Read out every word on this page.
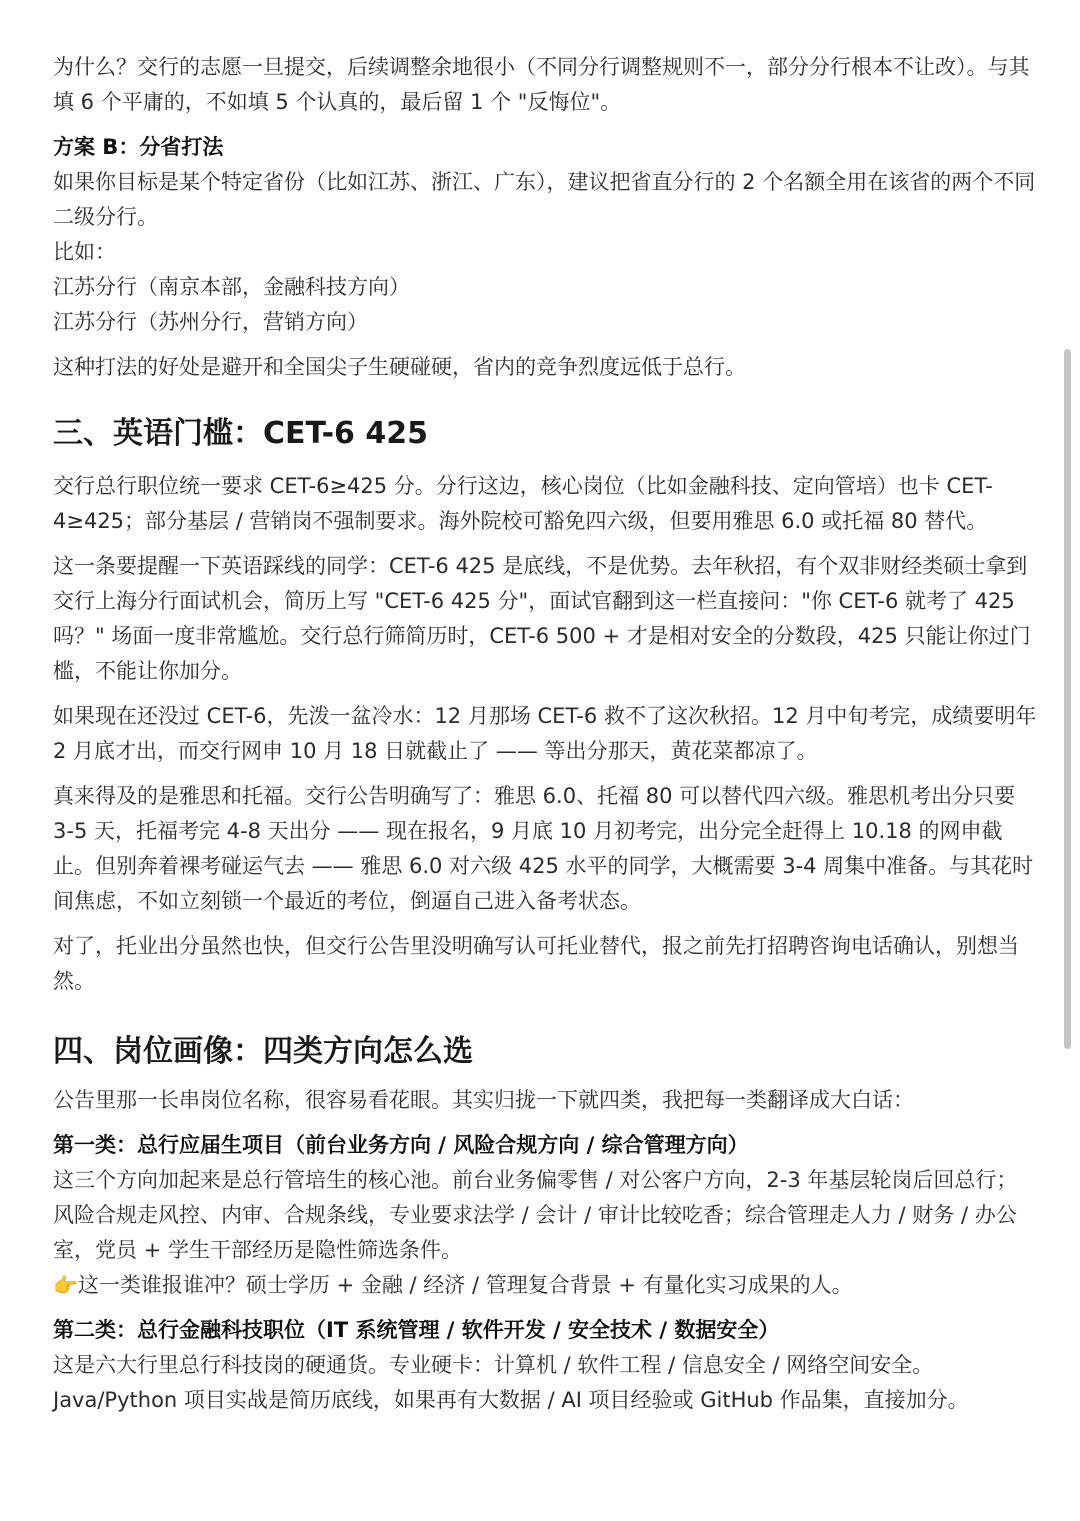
为什么？交行的志愿一旦提交，后续调整余地很小（不同分行调整规则不一，部分分行根本不让改）。与其填 6 个平庸的，不如填 5 个认真的，最后留 1 个 "反悔位"。

方案 B：分省打法

如果你目标是某个特定省份（比如江苏、浙江、广东），建议把省直分行的 2 个名额全用在该省的两个不同二级分行。

比如：

江苏分行（南京本部，金融科技方向）

江苏分行（苏州分行，营销方向）

这种打法的好处是避开和全国尖子生硬碰硬，省内的竞争烈度远低于总行。

三、英语门槛：CET-6 425

交行总行职位统一要求 CET-6≥425 分。分行这边，核心岗位（比如金融科技、定向管培）也卡 CET-4≥425；部分基层 / 营销岗不强制要求。海外院校可豁免四六级，但要用雅思 6.0 或托福 80 替代。

这一条要提醒一下英语踩线的同学：CET-6 425 是底线，不是优势。去年秋招，有个双非财经类硕士拿到交行上海分行面试机会，简历上写 "CET-6 425 分"，面试官翻到这一栏直接问："你 CET-6 就考了 425 吗？" 场面一度非常尴尬。交行总行筛简历时，CET-6 500 + 才是相对安全的分数段，425 只能让你过门槛，不能让你加分。

如果现在还没过 CET-6，先泼一盆冷水：12 月那场 CET-6 救不了这次秋招。12 月中旬考完，成绩要明年 2 月底才出，而交行网申 10 月 18 日就截止了 —— 等出分那天，黄花菜都凉了。

真来得及的是雅思和托福。交行公告明确写了：雅思 6.0、托福 80 可以替代四六级。雅思机考出分只要 3-5 天，托福考完 4-8 天出分 —— 现在报名，9 月底 10 月初考完，出分完全赶得上 10.18 的网申截止。但别奔着裸考碰运气去 —— 雅思 6.0 对六级 425 水平的同学，大概需要 3-4 周集中准备。与其花时间焦虑，不如立刻锁一个最近的考位，倒逼自己进入备考状态。

对了，托业出分虽然也快，但交行公告里没明确写认可托业替代，报之前先打招聘咨询电话确认，别想当然。

四、岗位画像：四类方向怎么选

公告里那一长串岗位名称，很容易看花眼。其实归拢一下就四类，我把每一类翻译成大白话：

第一类：总行应届生项目（前台业务方向 / 风险合规方向 / 综合管理方向）

这三个方向加起来是总行管培生的核心池。前台业务偏零售 / 对公客户方向，2-3 年基层轮岗后回总行；风险合规走风控、内审、合规条线，专业要求法学 / 会计 / 审计比较吃香；综合管理走人力 / 财务 / 办公室，党员 + 学生干部经历是隐性筛选条件。

👉这一类谁报谁冲？硕士学历 + 金融 / 经济 / 管理复合背景 + 有量化实习成果的人。

第二类：总行金融科技职位（IT 系统管理 / 软件开发 / 安全技术 / 数据安全）

这是六大行里总行科技岗的硬通货。专业硬卡：计算机 / 软件工程 / 信息安全 / 网络空间安全。Java/Python 项目实战是简历底线，如果再有大数据 / AI 项目经验或 GitHub 作品集，直接加分。
